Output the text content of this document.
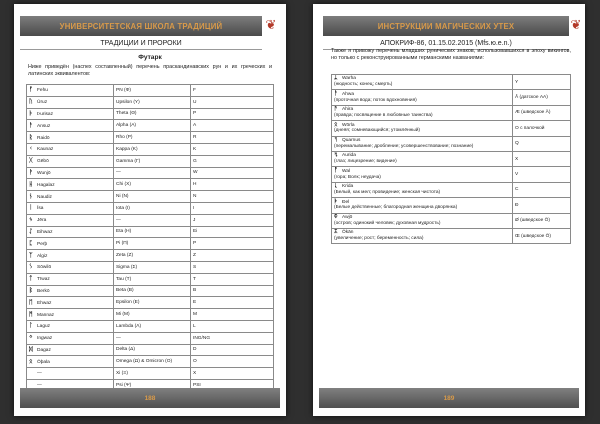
УНИВЕРСИТЕТСКАЯ ШКОЛА ТРАДИЦИЙ	❦
ТРАДИЦИИ И ПРОРОКИ
Футарк
Ниже приведён (наспех составленный) перечень праскандинавских рун и их греческих и латинских эквивалентов:
ᚠ Fehu	PN (Φ)	F
ᚢ Ūruz	Upsilon (Υ)	U
ᚦ Þurisaz	Theta (Θ)	P
ᚨ Ansuz	Alpha (A)	A
ᚱ Raidō	Rho (P)	R
ᚲ Kaunaz	Kappa (K)	K
ᚷ Gēbō	Gamma (Γ)	G
ᚹ Wunjō	—	W
ᚺ Hagalaz	Chi (X)	H
ᚾ Naudiz	Ni (N)	N
ᛁ Īsa	Iota (I)	I
ᛃ Jēra	—	J
ᛇ Eihwaz	Eta (H)	Ei
ᛈ Perþ	Pi (Π)	P
ᛉ Algiz	Zeta (Z)	Z
ᛊ Sōwilō	Sigma (Σ)	S
ᛏ Tīwaz	Tau (T)	T
ᛒ Berkō	Beta (B)	B
ᛖ Ehwaz	Epsilon (E)	E
ᛗ Mannaz	Mi (M)	M
ᛚ Laguz	Lambda (Λ)	L
ᛜ Ingwaz	—	ING/NG
ᛞ Dagaz	Delta (Δ)	D
ᛟ Ōþala	Omega (Ω) & Omicron (O)	O
—	Xi (Ξ)	X
—	Psi (Ψ)	PSI
188
ИНСТРУКЦИИ МАГИЧЕСКИХ УТЕХ	❦
АПОКРИФ-86, 01.15.02.2015 (Mfs.ю.e.n.)
Также я привожу перечень младших рунических знаков, использовавшихся в эпоху викингов, но только с реконструированными германскими названиями:
ᛦ Warha
(нюдность; конец; смерть)	Y
ᚨ Ahwa
(проточная вода; поток вдохновения)	Å (датское AA)
ᚫ Ahira
(правда; посвящение в любовные таинства)	Æ (шведское Ä)
ᛟ Wōrla
(днеяя; сомневающийся; утомлённый)	O с палочкой
ᛩ Quarnus
(перемалывание; дробление; усовершенствование; познание)	Q
ᛪ Aurida
(глаз; лицезрение; видение)	X
ᚡ Wal
(гора; Волк; неудача)	V
ᚳ Krida
(Белый, как мел; провидение; женская чистота)	C
ᚧ Ðel
(Белые действенные; благородная женщина дворянка)	Ð
ᛰ Awjō
(остров; одинокий человек; духовная мудрость)	Ø (шведское Ö)
ᛯ Ōkān
(увеличение; рост; беременность; сила)	Œ (шведское Ö)
189
